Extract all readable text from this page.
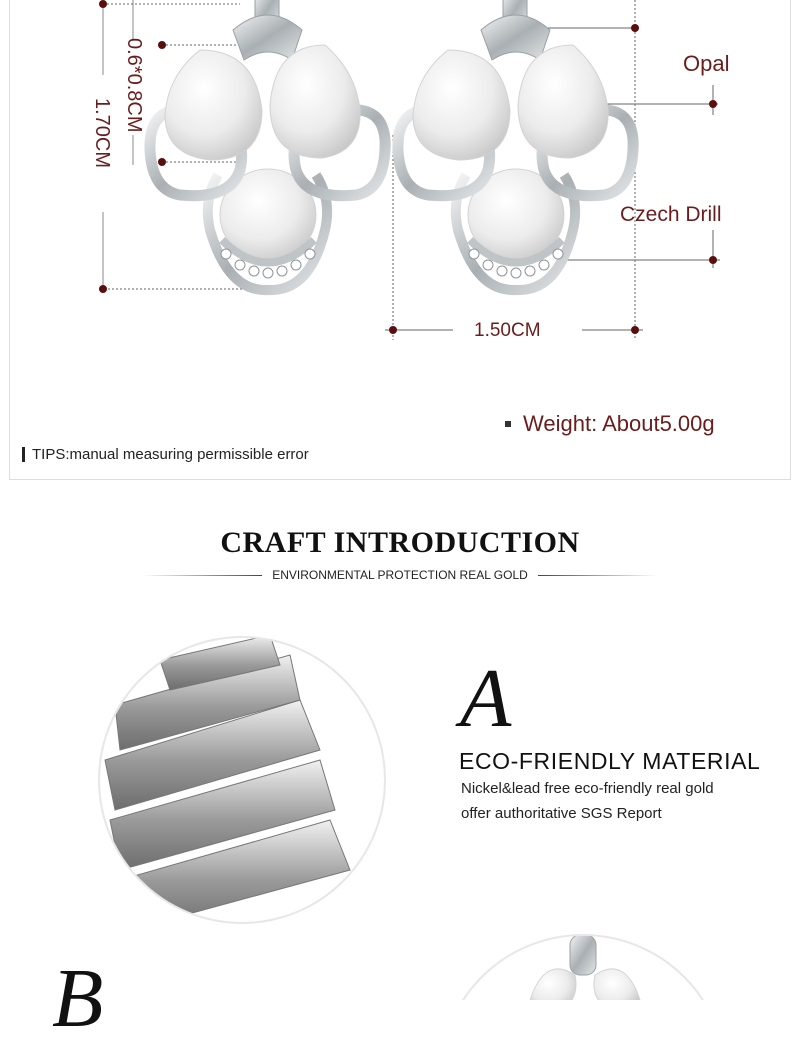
Opal
Czech Drill
1.50CM
0.6*0.8CM
1.70CM
Weight: About5.00g
TIPS:manual measuring permissible error
CRAFT INTRODUCTION
ENVIRONMENTAL PROTECTION REAL GOLD
A
ECO-FRIENDLY MATERIAL
Nickel&lead free eco-friendly real gold
offer authoritative SGS Report
B
